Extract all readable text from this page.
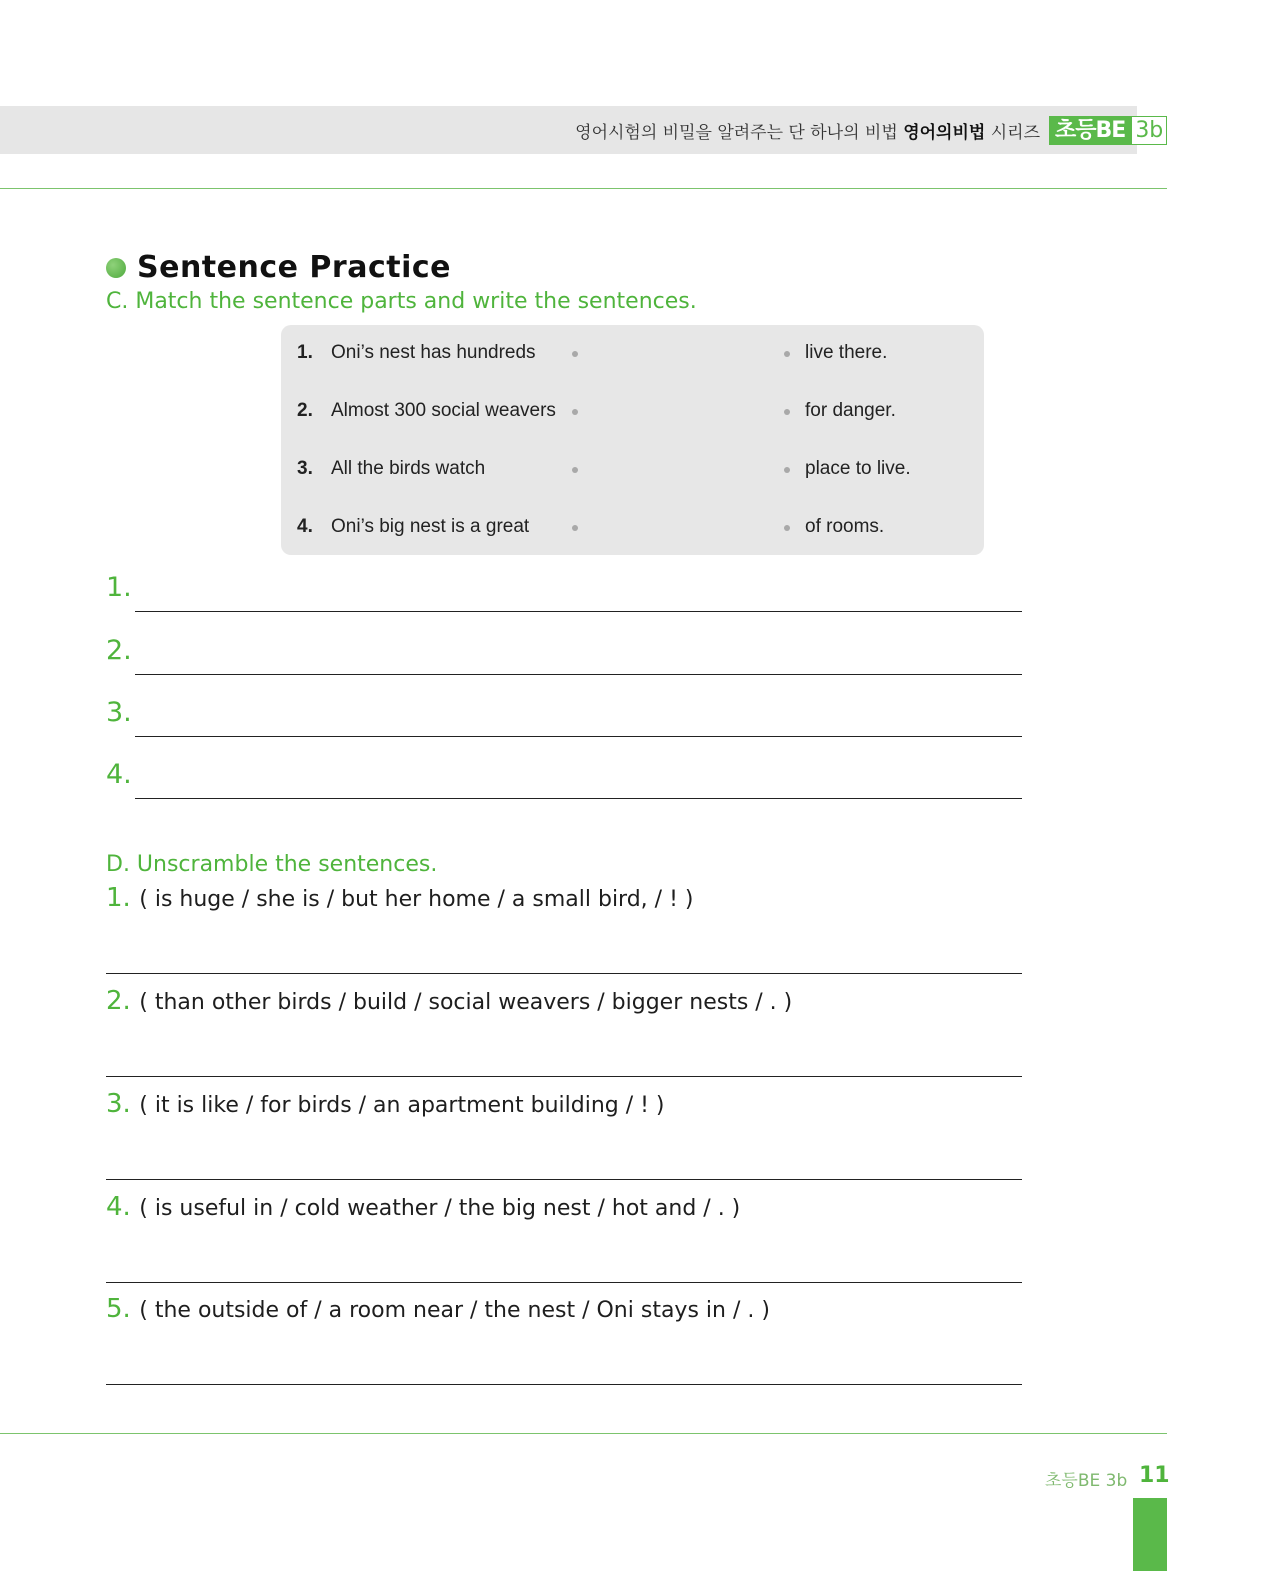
영어시험의 비밀을 알려주는 단 하나의 비법 영어의비법 시리즈 초등BE 3b
Sentence Practice
C. Match the sentence parts and write the sentences.
1. Oni’s nest has hundreds	live there.
2. Almost 300 social weavers	for danger.
3. All the birds watch	place to live.
4. Oni’s big nest is a great	of rooms.
1.
2.
3.
4.
D. Unscramble the sentences.
1. ( is huge / she is / but her home / a small bird, / ! )
2. ( than other birds / build / social weavers / bigger nests / . )
3. ( it is like / for birds / an apartment building / ! )
4. ( is useful in / cold weather / the big nest / hot and / . )
5. ( the outside of / a room near / the nest / Oni stays in / . )
초등BE 3b 11
